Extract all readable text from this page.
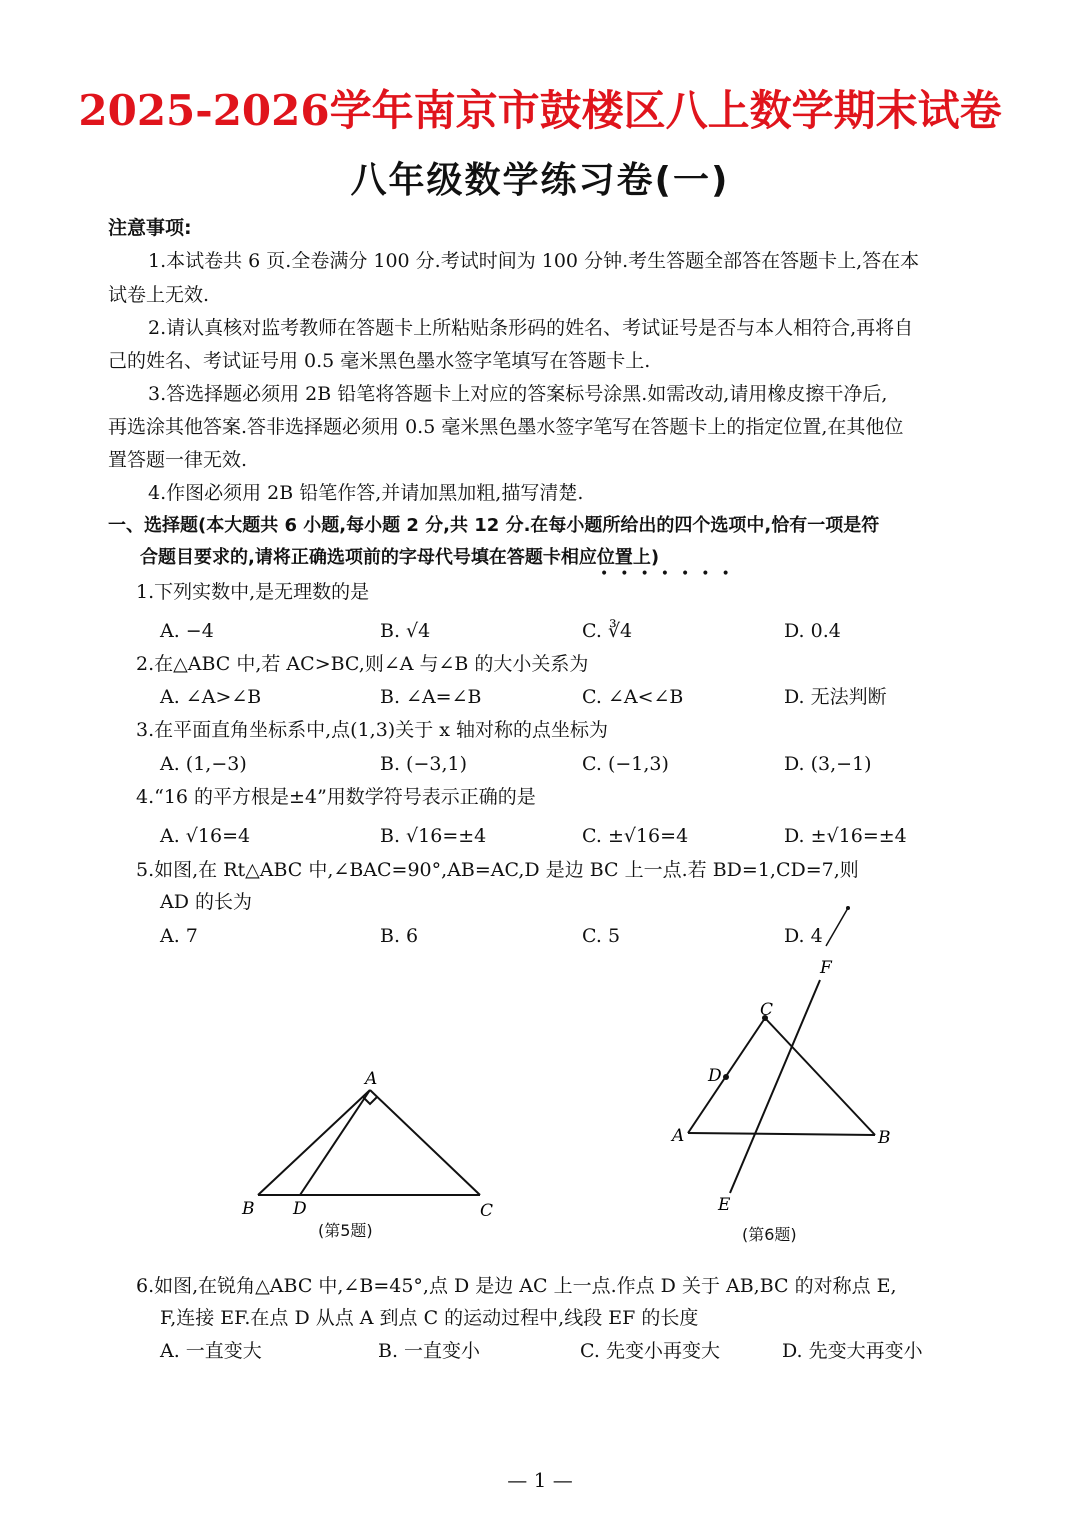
2025-2026学年南京市鼓楼区八上数学期末试卷
八年级数学练习卷(一)
注意事项:
1.本试卷共 6 页.全卷满分 100 分.考试时间为 100 分钟.考生答题全部答在答题卡上,答在本
试卷上无效.
2.请认真核对监考教师在答题卡上所粘贴条形码的姓名、考试证号是否与本人相符合,再将自
己的姓名、考试证号用 0.5 毫米黑色墨水签字笔填写在答题卡上.
3.答选择题必须用 2B 铅笔将答题卡上对应的答案标号涂黑.如需改动,请用橡皮擦干净后,
再选涂其他答案.答非选择题必须用 0.5 毫米黑色墨水签字笔写在答题卡上的指定位置,在其他位
置答题一律无效.
4.作图必须用 2B 铅笔作答,并请加黑加粗,描写清楚.
一、选择题(本大题共 6 小题,每小题 2 分,共 12 分.在每小题所给出的四个选项中,恰有一项是符
合题目要求的,请将正确选项前的字母代号填在答题卡相应位置上)
•••••••
1.下列实数中,是无理数的是
A. −4	B. √4	C. ∛4	D. 0.4
2.在△ABC 中,若 AC>BC,则∠A 与∠B 的大小关系为
A. ∠A>∠B	B. ∠A=∠B	C. ∠A<∠B	D. 无法判断
3.在平面直角坐标系中,点(1,3)关于 x 轴对称的点坐标为
A. (1,−3)	B. (−3,1)	C. (−1,3)	D. (3,−1)
4.“16 的平方根是±4”用数学符号表示正确的是
A. √16=4	B. √16=±4	C. ±√16=4	D. ±√16=±4
5.如图,在 Rt△ABC 中,∠BAC=90°,AB=AC,D 是边 BC 上一点.若 BD=1,CD=7,则
AD 的长为
A. 7	B. 6	C. 5	D. 4
A
B D	C
(第5题)
F
C
D
A	B
E
(第6题)
6.如图,在锐角△ABC 中,∠B=45°,点 D 是边 AC 上一点.作点 D 关于 AB,BC 的对称点 E,
F,连接 EF.在点 D 从点 A 到点 C 的运动过程中,线段 EF 的长度
A. 一直变大	B. 一直变小	C. 先变小再变大	D. 先变大再变小
— 1 —
